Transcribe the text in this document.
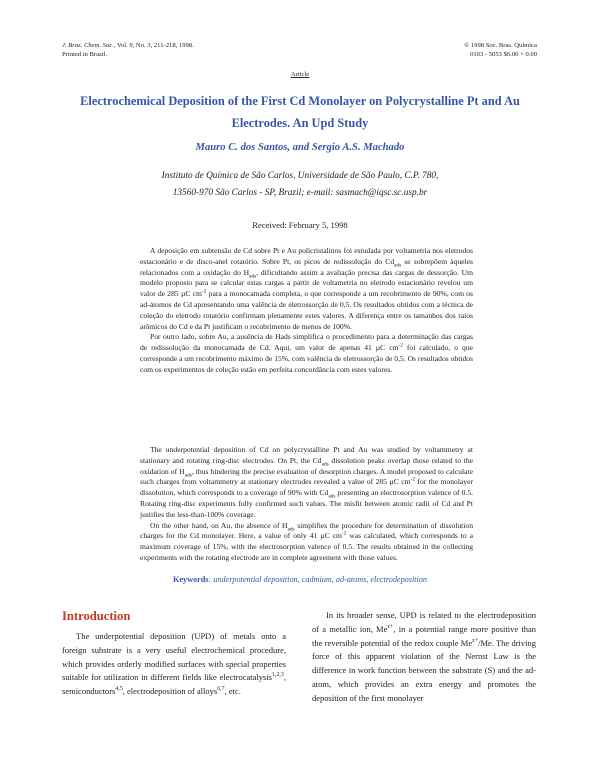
J. Braz. Chem. Soc., Vol. 9, No. 3, 211-218, 1998.
Printed in Brazil.
© 1998 Soc. Bras. Química
0103 - 5053 $6.00 + 0.00
Article
Electrochemical Deposition of the First Cd Monolayer on Polycrystalline Pt and Au Electrodes. An Upd Study
Mauro C. dos Santos, and Sergio A.S. Machado
Instituto de Química de São Carlos, Universidade de São Paulo, C.P. 780,
13560-970 São Carlos - SP, Brazil; e-mail: sasmach@iqsc.sc.usp.br
Received: February 5, 1998

A deposição em subtensão de Cd sobre Pt e Au policristalinos foi estudada por voltametria nos eletrodos estacionário e de disco-anel rotatório. Sobre Pt, os picos de redissolução do $Cd_{ads}$ se sobrepõem àqueles relacionados com a oxidação do $H_{ads}$, dificultando assim a avaliação precisa das cargas de dessorção. Um modelo proposto para se calcular estas cargas a partir de voltametria no eletrodo estacionário revelou um valor de 285 µC $cm^{-2}$ para a monocamada completa, o que corresponde a um recobrimento de 90%, com os ad-átomos de Cd apresentando uma valência de eletrossorção de 0,5. Os resultados obtidos com a técnica de coleção do eletrodo rotatório confirmam plenamente estes valores. A diferença entre os tamanhos dos raios atômicos do Cd e da Pt justificam o recobrimento de menos de 100%.

Por outro lado, sobre Au, a ausência de Hads simplifica o procedimento para a determinação das cargas de redissolução da monocamada de Cd. Aqui, um valor de apenas 41 µC $cm^{-2}$ foi calculado, o que corresponde a um recobrimento máximo de 15%, com valência de eletrossorção de 0,5. Os resultados obtidos com os experimentos de coleção estão em perfeita concordância com estes valores.

The underpotential deposition of Cd on polycrystalline Pt and Au was studied by voltammetry at stationary and rotating ring-disc electrodes. On Pt, the $Cd_{ads}$ dissolution peaks overlap those related to the oxidation of $H_{ads}$, thus hindering the precise evaluation of desorption charges. A model proposed to calculate such charges from voltammetry at stationary electrodes revealed a value of 285 µC $cm^{-2}$ for the monolayer dissolution, which corresponds to a coverage of 90% with $Cd_{ads}$ presenting an electrosorption valence of 0.5. Rotating ring-disc experiments fully confirmed such values. The misfit between atomic radii of Cd and Pt justifies the less-than-100% coverage.

On the other hand, on Au, the absence of $H_{ads}$ simplifies the procedure for determination of dissolution charges for the Cd monolayer. Here, a value of only 41 µC $cm^{-2}$ was calculated, which corresponds to a maximum coverage of 15%, with the electrosorption valence of 0.5. The results obtained in the collecting experiments with the rotating electrode are in complete agreement with those values.

Keywords: underpotential deposition, cadmium, ad-atoms, electrodeposition
Introduction

The underpotential deposition (UPD) of metals onto a foreign substrate is a very useful electrochemical procedure, which provides orderly modified surfaces with special properties suitable for utilization in different fields like electrocatalysis$^{1,2,3}$, semiconductors$^{4,5}$, electrodeposition of alloys$^{6,7}$, etc.

In its broader sense, UPD is related to the electrodeposition of a metallic ion, $Me^{z+}$, in a potential range more positive than the reversible potential of the redox couple $Me^{z+}/Me$. The driving force of this apparent violation of the Nernst Law is the difference in work function between the substrate (S) and the ad-atom, which provides an extra energy and promotes the deposition of the first monolayer
